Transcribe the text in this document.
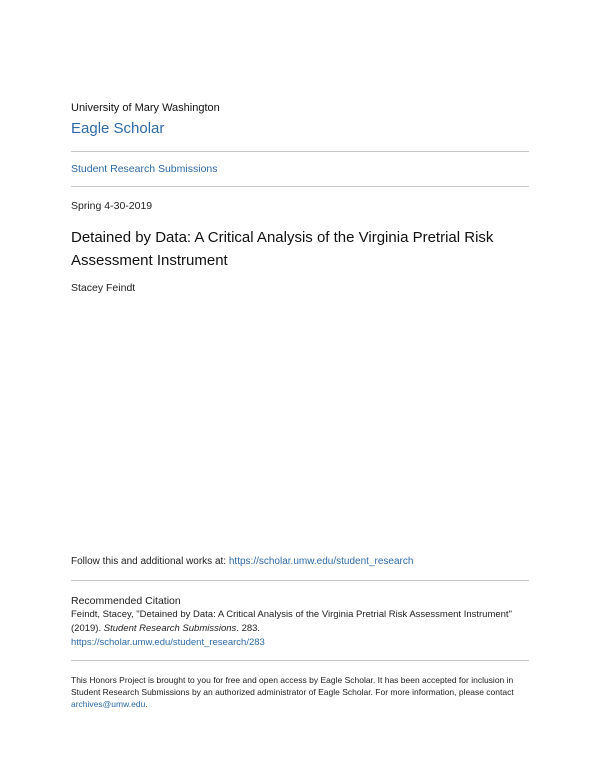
University of Mary Washington
Eagle Scholar
Student Research Submissions
Spring 4-30-2019
Detained by Data: A Critical Analysis of the Virginia Pretrial Risk Assessment Instrument
Stacey Feindt
Follow this and additional works at: https://scholar.umw.edu/student_research
Recommended Citation
Feindt, Stacey, "Detained by Data: A Critical Analysis of the Virginia Pretrial Risk Assessment Instrument" (2019). Student Research Submissions. 283.
https://scholar.umw.edu/student_research/283
This Honors Project is brought to you for free and open access by Eagle Scholar. It has been accepted for inclusion in Student Research Submissions by an authorized administrator of Eagle Scholar. For more information, please contact archives@umw.edu.
